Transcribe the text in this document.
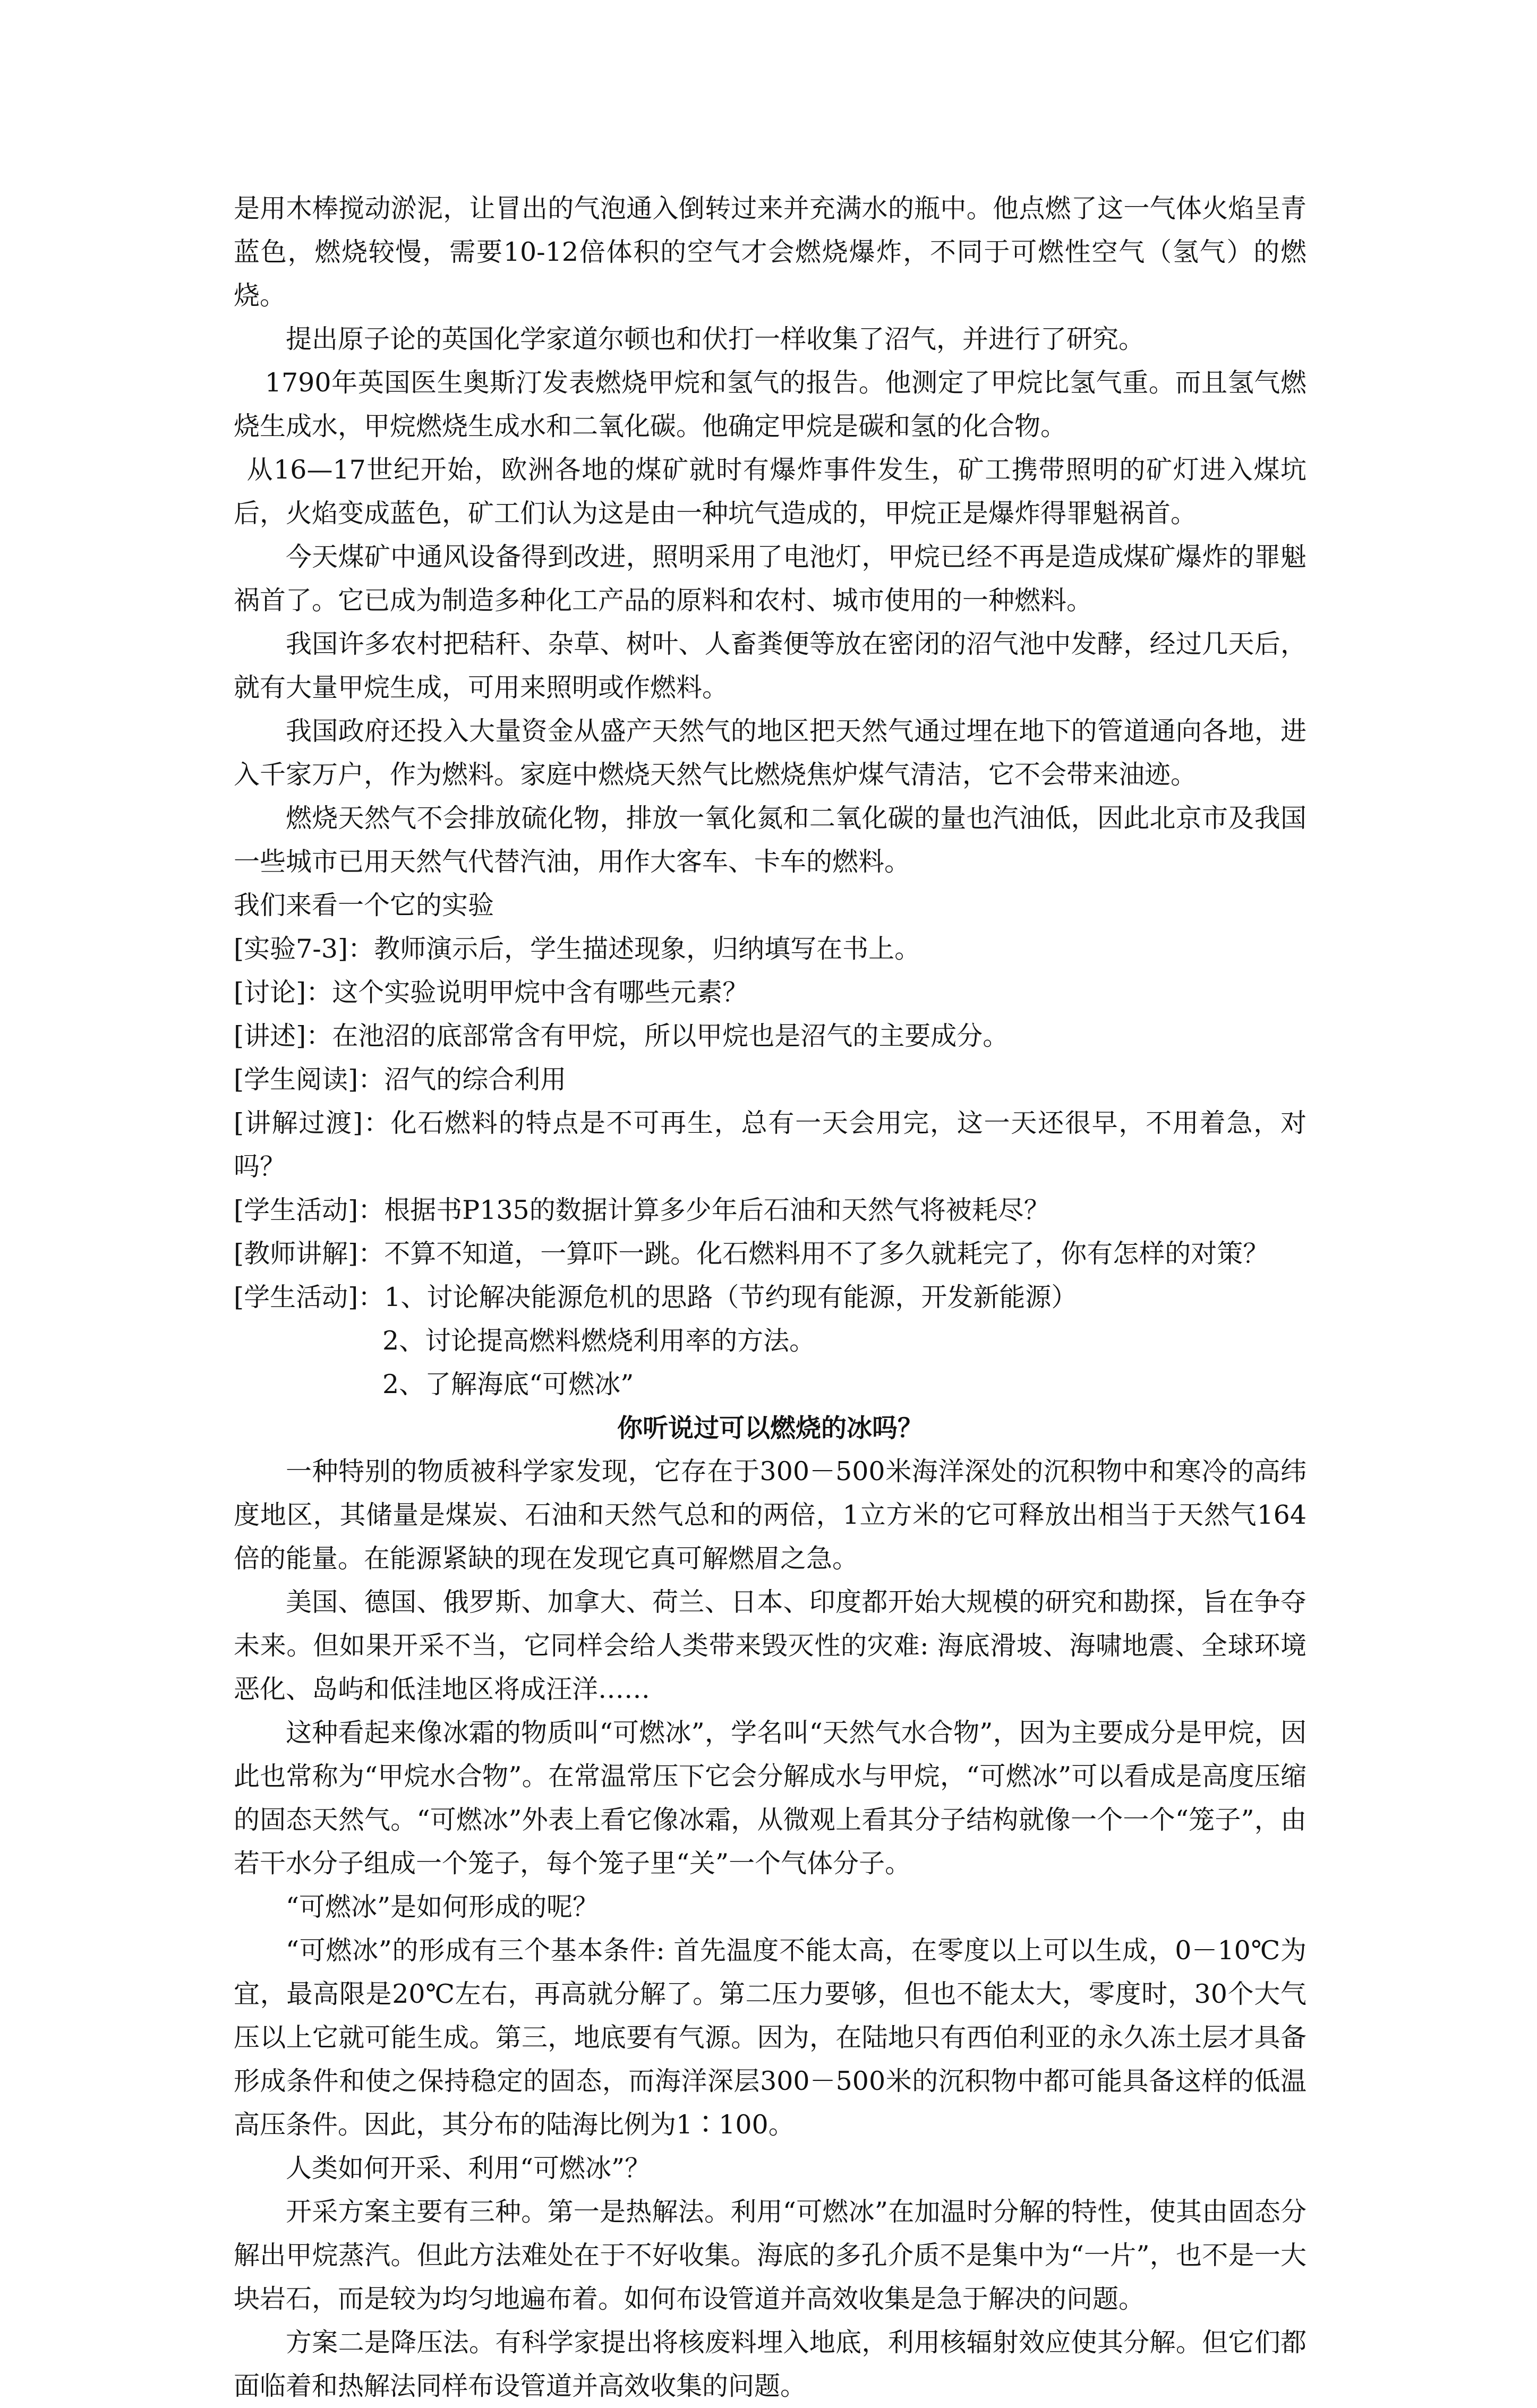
是用木棒搅动淤泥，让冒出的气泡通入倒转过来并充满水的瓶中。他点燃了这一气体火焰呈青蓝色，燃烧较慢，需要10-12倍体积的空气才会燃烧爆炸，不同于可燃性空气（氢气）的燃烧。

提出原子论的英国化学家道尔顿也和伏打一样收集了沼气，并进行了研究。

1790年英国医生奥斯汀发表燃烧甲烷和氢气的报告。他测定了甲烷比氢气重。而且氢气燃烧生成水，甲烷燃烧生成水和二氧化碳。他确定甲烷是碳和氢的化合物。

从16—17世纪开始，欧洲各地的煤矿就时有爆炸事件发生，矿工携带照明的矿灯进入煤坑后，火焰变成蓝色，矿工们认为这是由一种坑气造成的，甲烷正是爆炸得罪魁祸首。

今天煤矿中通风设备得到改进，照明采用了电池灯，甲烷已经不再是造成煤矿爆炸的罪魁祸首了。它已成为制造多种化工产品的原料和农村、城市使用的一种燃料。

我国许多农村把秸秆、杂草、树叶、人畜粪便等放在密闭的沼气池中发酵，经过几天后，就有大量甲烷生成，可用来照明或作燃料。

我国政府还投入大量资金从盛产天然气的地区把天然气通过埋在地下的管道通向各地，进入千家万户，作为燃料。家庭中燃烧天然气比燃烧焦炉煤气清洁，它不会带来油迹。

燃烧天然气不会排放硫化物，排放一氧化氮和二氧化碳的量也汽油低，因此北京市及我国一些城市已用天然气代替汽油，用作大客车、卡车的燃料。

我们来看一个它的实验

[实验7-3]：教师演示后，学生描述现象，归纳填写在书上。

[讨论]：这个实验说明甲烷中含有哪些元素？

[讲述]：在池沼的底部常含有甲烷，所以甲烷也是沼气的主要成分。

[学生阅读]：沼气的综合利用

[讲解过渡]：化石燃料的特点是不可再生，总有一天会用完，这一天还很早，不用着急，对吗？

[学生活动]：根据书P135的数据计算多少年后石油和天然气将被耗尽？

[教师讲解]：不算不知道，一算吓一跳。化石燃料用不了多久就耗完了，你有怎样的对策？

[学生活动]：1、讨论解决能源危机的思路（节约现有能源，开发新能源）

2、讨论提高燃料燃烧利用率的方法。

2、了解海底“可燃冰”

你听说过可以燃烧的冰吗？

一种特别的物质被科学家发现，它存在于300－500米海洋深处的沉积物中和寒冷的高纬度地区，其储量是煤炭、石油和天然气总和的两倍，1立方米的它可释放出相当于天然气164倍的能量。在能源紧缺的现在发现它真可解燃眉之急。

美国、德国、俄罗斯、加拿大、荷兰、日本、印度都开始大规模的研究和勘探，旨在争夺未来。但如果开采不当，它同样会给人类带来毁灭性的灾难: 海底滑坡、海啸地震、全球环境恶化、岛屿和低洼地区将成汪洋……

这种看起来像冰霜的物质叫“可燃冰”，学名叫“天然气水合物”，因为主要成分是甲烷，因此也常称为“甲烷水合物”。在常温常压下它会分解成水与甲烷，“可燃冰”可以看成是高度压缩的固态天然气。“可燃冰”外表上看它像冰霜，从微观上看其分子结构就像一个一个“笼子”，由若干水分子组成一个笼子，每个笼子里“关”一个气体分子。

“可燃冰”是如何形成的呢？

“可燃冰”的形成有三个基本条件: 首先温度不能太高，在零度以上可以生成，0－10℃为宜，最高限是20℃左右，再高就分解了。第二压力要够，但也不能太大，零度时，30个大气压以上它就可能生成。第三，地底要有气源。因为，在陆地只有西伯利亚的永久冻土层才具备形成条件和使之保持稳定的固态，而海洋深层300－500米的沉积物中都可能具备这样的低温高压条件。因此，其分布的陆海比例为1∶100。

人类如何开采、利用“可燃冰”？

开采方案主要有三种。第一是热解法。利用“可燃冰”在加温时分解的特性，使其由固态分解出甲烷蒸汽。但此方法难处在于不好收集。海底的多孔介质不是集中为“一片”，也不是一大块岩石，而是较为均匀地遍布着。如何布设管道并高效收集是急于解决的问题。

方案二是降压法。有科学家提出将核废料埋入地底，利用核辐射效应使其分解。但它们都面临着和热解法同样布设管道并高效收集的问题。
